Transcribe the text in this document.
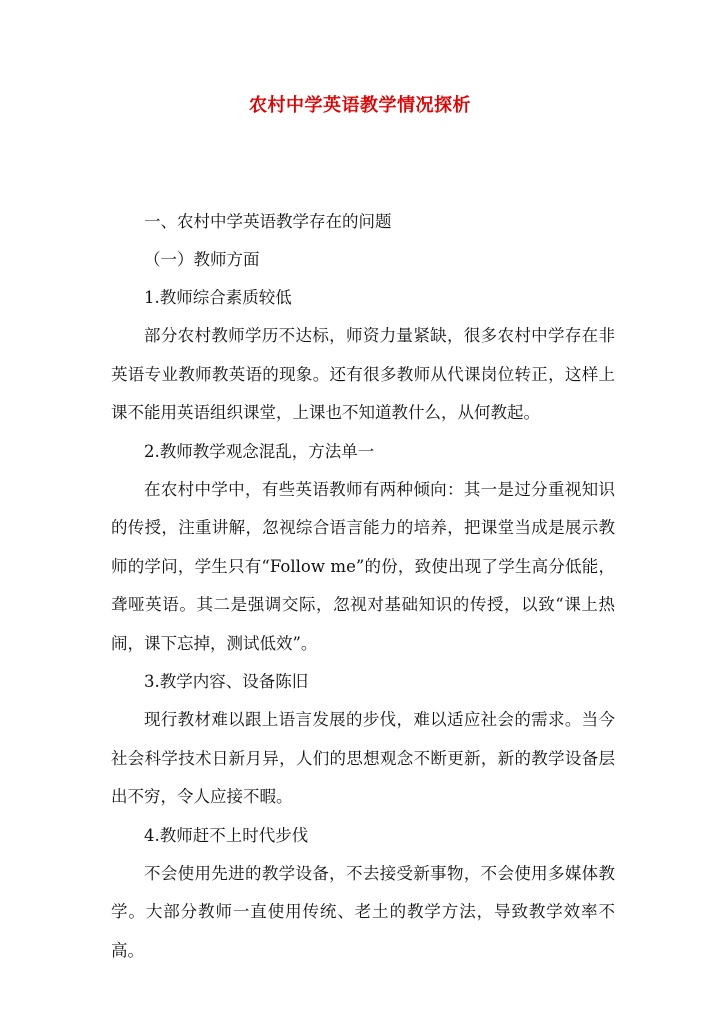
农村中学英语教学情况探析

一、农村中学英语教学存在的问题

（一）教师方面

1.教师综合素质较低

部分农村教师学历不达标，师资力量紧缺，很多农村中学存在非英语专业教师教英语的现象。还有很多教师从代课岗位转正，这样上课不能用英语组织课堂，上课也不知道教什么，从何教起。

2.教师教学观念混乱，方法单一

在农村中学中，有些英语教师有两种倾向：其一是过分重视知识的传授，注重讲解，忽视综合语言能力的培养，把课堂当成是展示教师的学问，学生只有“Follow me”的份，致使出现了学生高分低能，聋哑英语。其二是强调交际，忽视对基础知识的传授，以致“课上热闹，课下忘掉，测试低效”。

3.教学内容、设备陈旧

现行教材难以跟上语言发展的步伐，难以适应社会的需求。当今社会科学技术日新月异，人们的思想观念不断更新，新的教学设备层出不穷，令人应接不暇。

4.教师赶不上时代步伐

不会使用先进的教学设备，不去接受新事物，不会使用多媒体教学。大部分教师一直使用传统、老土的教学方法，导致教学效率不高。
